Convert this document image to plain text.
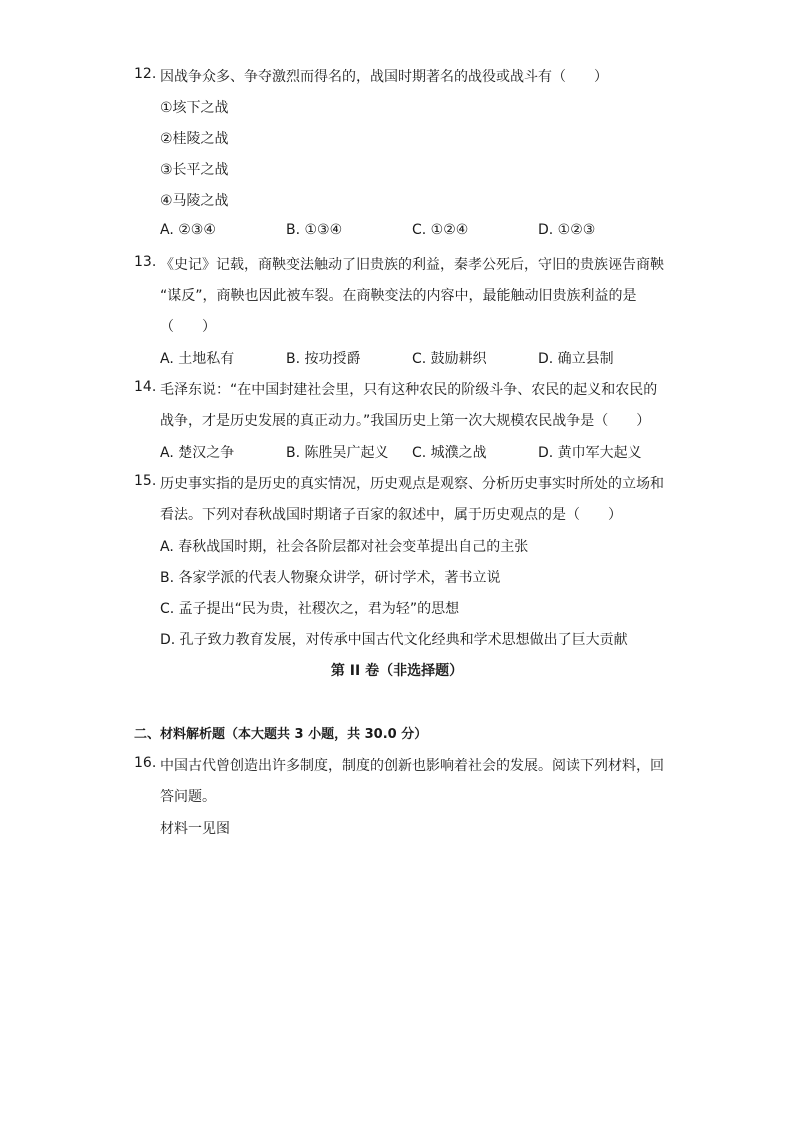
12. 因战争众多、争夺激烈而得名的，战国时期著名的战役或战斗有（　　）
①垓下之战
②桂陵之战
③长平之战
④马陵之战
A. ②③④	B. ①③④	C. ①②④	D. ①②③
13. 《史记》记载，商鞅变法触动了旧贵族的利益，秦孝公死后，守旧的贵族诬告商鞅
“谋反”，商鞅也因此被车裂。在商鞅变法的内容中，最能触动旧贵族利益的是
（　　）
A. 土地私有	B. 按功授爵	C. 鼓励耕织	D. 确立县制
14. 毛泽东说：“在中国封建社会里，只有这种农民的阶级斗争、农民的起义和农民的
战争，才是历史发展的真正动力。”我国历史上第一次大规模农民战争是（　　）
A. 楚汉之争	B. 陈胜吴广起义 C. 城濮之战	D. 黄巾军大起义
15. 历史事实指的是历史的真实情况，历史观点是观察、分析历史事实时所处的立场和
看法。下列对春秋战国时期诸子百家的叙述中，属于历史观点的是（　　）
A. 春秋战国时期，社会各阶层都对社会变革提出自己的主张
B. 各家学派的代表人物聚众讲学，研讨学术，著书立说
C. 孟子提出“民为贵，社稷次之，君为轻”的思想
D. 孔子致力教育发展，对传承中国古代文化经典和学术思想做出了巨大贡献
第 II 卷（非选择题）
二、材料解析题（本大题共 3 小题，共 30.0 分）
16. 中国古代曾创造出许多制度，制度的创新也影响着社会的发展。阅读下列材料，回
答问题。
材料一见图
